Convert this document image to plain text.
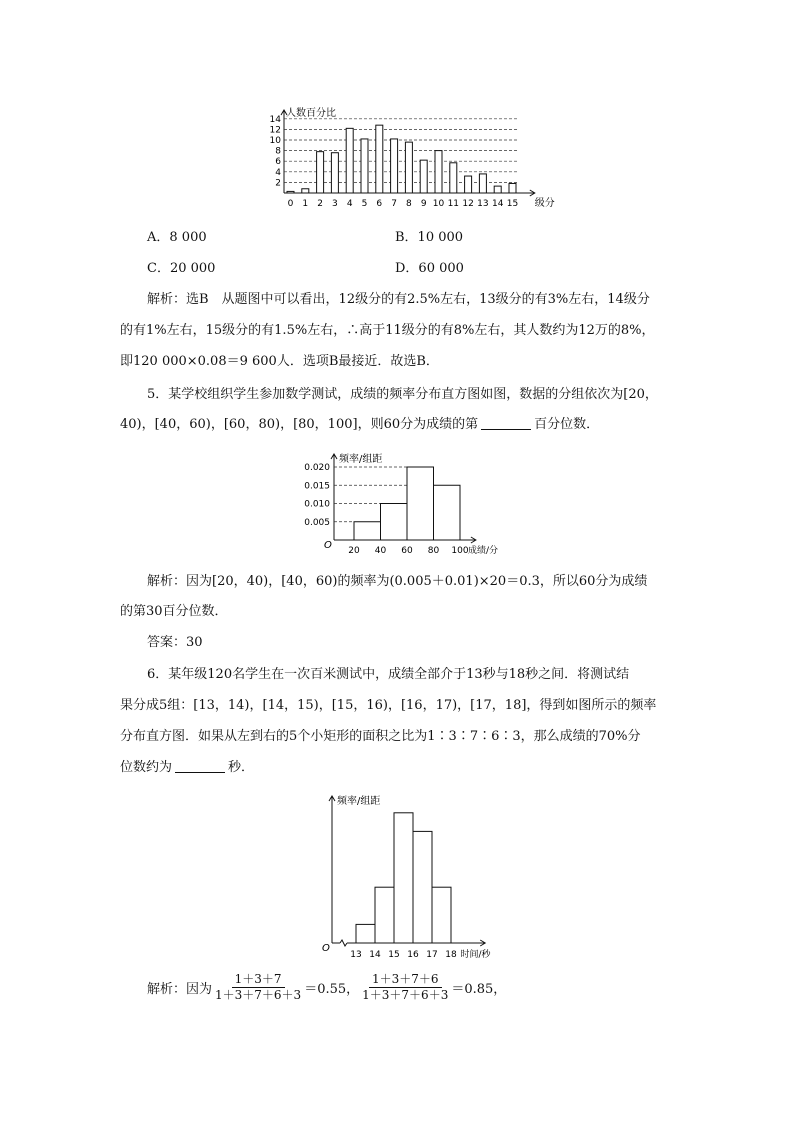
2
4
6
8
10
12
14
0 1 2 3 4 5 6 7 8 9 10 11 12 13 14 15
人数百分比
级分
A．8 000	B．10 000
C．20 000	D．60 000
解析：选B　从题图中可以看出，12级分的有2.5%左右，13级分的有3%左右，14级分
的有1%左右，15级分的有1.5%左右，∴高于11级分的有8%左右，其人数约为12万的8%，
即120 000×0.08＝9 600人．选项B最接近．故选B．
5．某学校组织学生参加数学测试，成绩的频率分布直方图如图，数据的分组依次为[20，
40)，[40，60)，[60，80)，[80，100]，则60分为成绩的第	百分位数．
0.005
0.010
0.015
0.020
20 40 60 80 100
O
频率/组距
成绩/分
解析：因为[20，40)，[40，60)的频率为(0.005＋0.01)×20＝0.3，所以60分为成绩
的第30百分位数．
答案：30
6．某年级120名学生在一次百米测试中，成绩全部介于13秒与18秒之间．将测试结
果分成5组：[13，14)，[14，15)，[15，16)，[16，17)，[17，18]，得到如图所示的频率
分布直方图．如果从左到右的5个小矩形的面积之比为1∶3∶7∶6∶3，那么成绩的70%分
位数约为	秒．
13 14 15 16 17 18
O
频率/组距
时间/秒
解析：因为 $\frac{1+3+7}{1+3+7+6+3} =0.55$， $\frac{1+3+7+6}{1+3+7+6+3} =0.85$，
